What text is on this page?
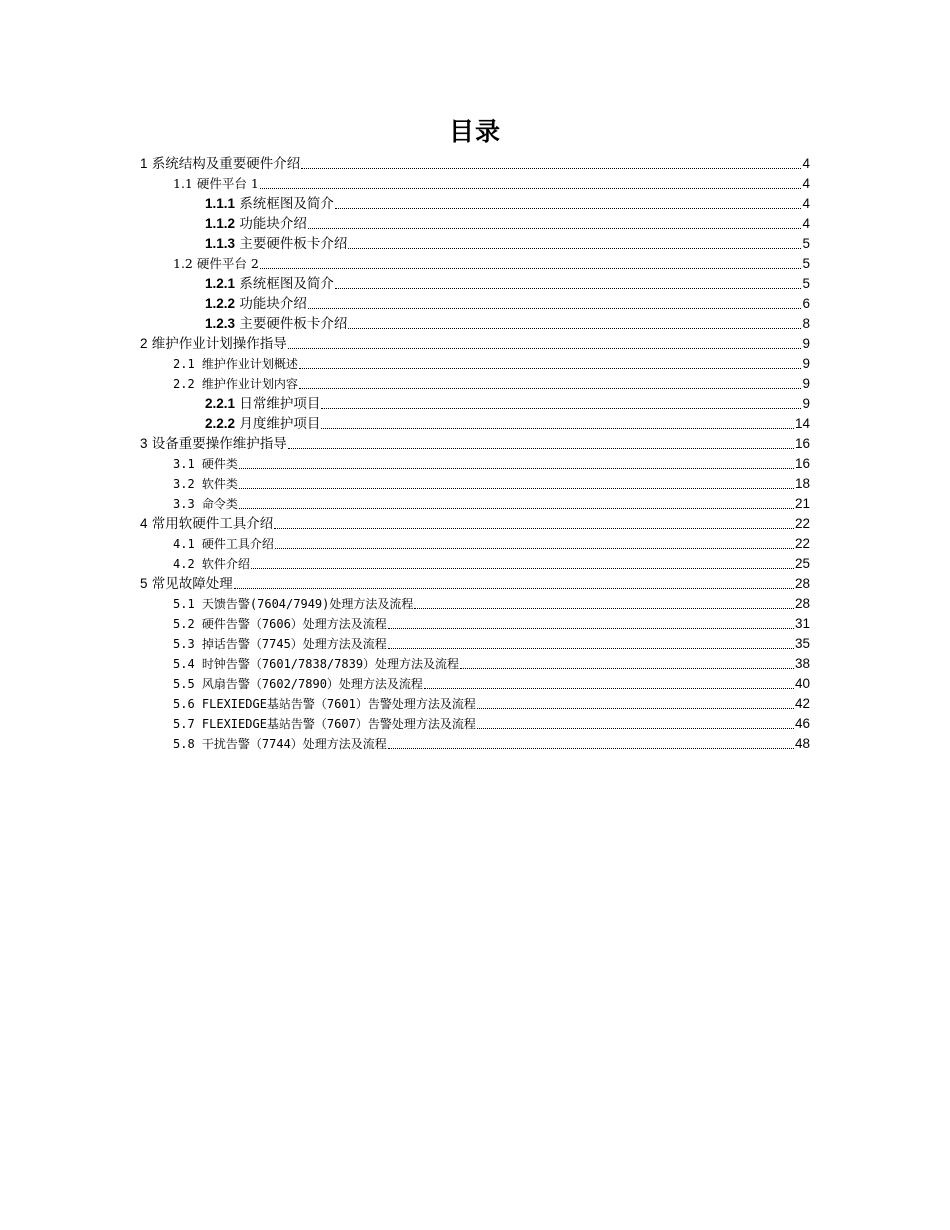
目录
1 系统结构及重要硬件介绍	4
1.1 硬件平台 1	4
1.1.1 系统框图及简介	4
1.1.2 功能块介绍	4
1.1.3 主要硬件板卡介绍	5
1.2 硬件平台 2	5
1.2.1 系统框图及简介	5
1.2.2 功能块介绍	6
1.2.3 主要硬件板卡介绍	8
2 维护作业计划操作指导	9
2.1 维护作业计划概述	9
2.2 维护作业计划内容	9
2.2.1 日常维护项目	9
2.2.2 月度维护项目	14
3 设备重要操作维护指导	16
3.1 硬件类	16
3.2 软件类	18
3.3 命令类	21
4 常用软硬件工具介绍	22
4.1 硬件工具介绍	22
4.2 软件介绍	25
5 常见故障处理	28
5.1 天馈告警(7604/7949)处理方法及流程	28
5.2 硬件告警（7606）处理方法及流程	31
5.3 掉话告警（7745）处理方法及流程	35
5.4 时钟告警（7601/7838/7839）处理方法及流程	38
5.5 风扇告警（7602/7890）处理方法及流程	40
5.6 FLEXIEDGE基站告警（7601）告警处理方法及流程	42
5.7 FLEXIEDGE基站告警（7607）告警处理方法及流程	46
5.8 干扰告警（7744）处理方法及流程	48
